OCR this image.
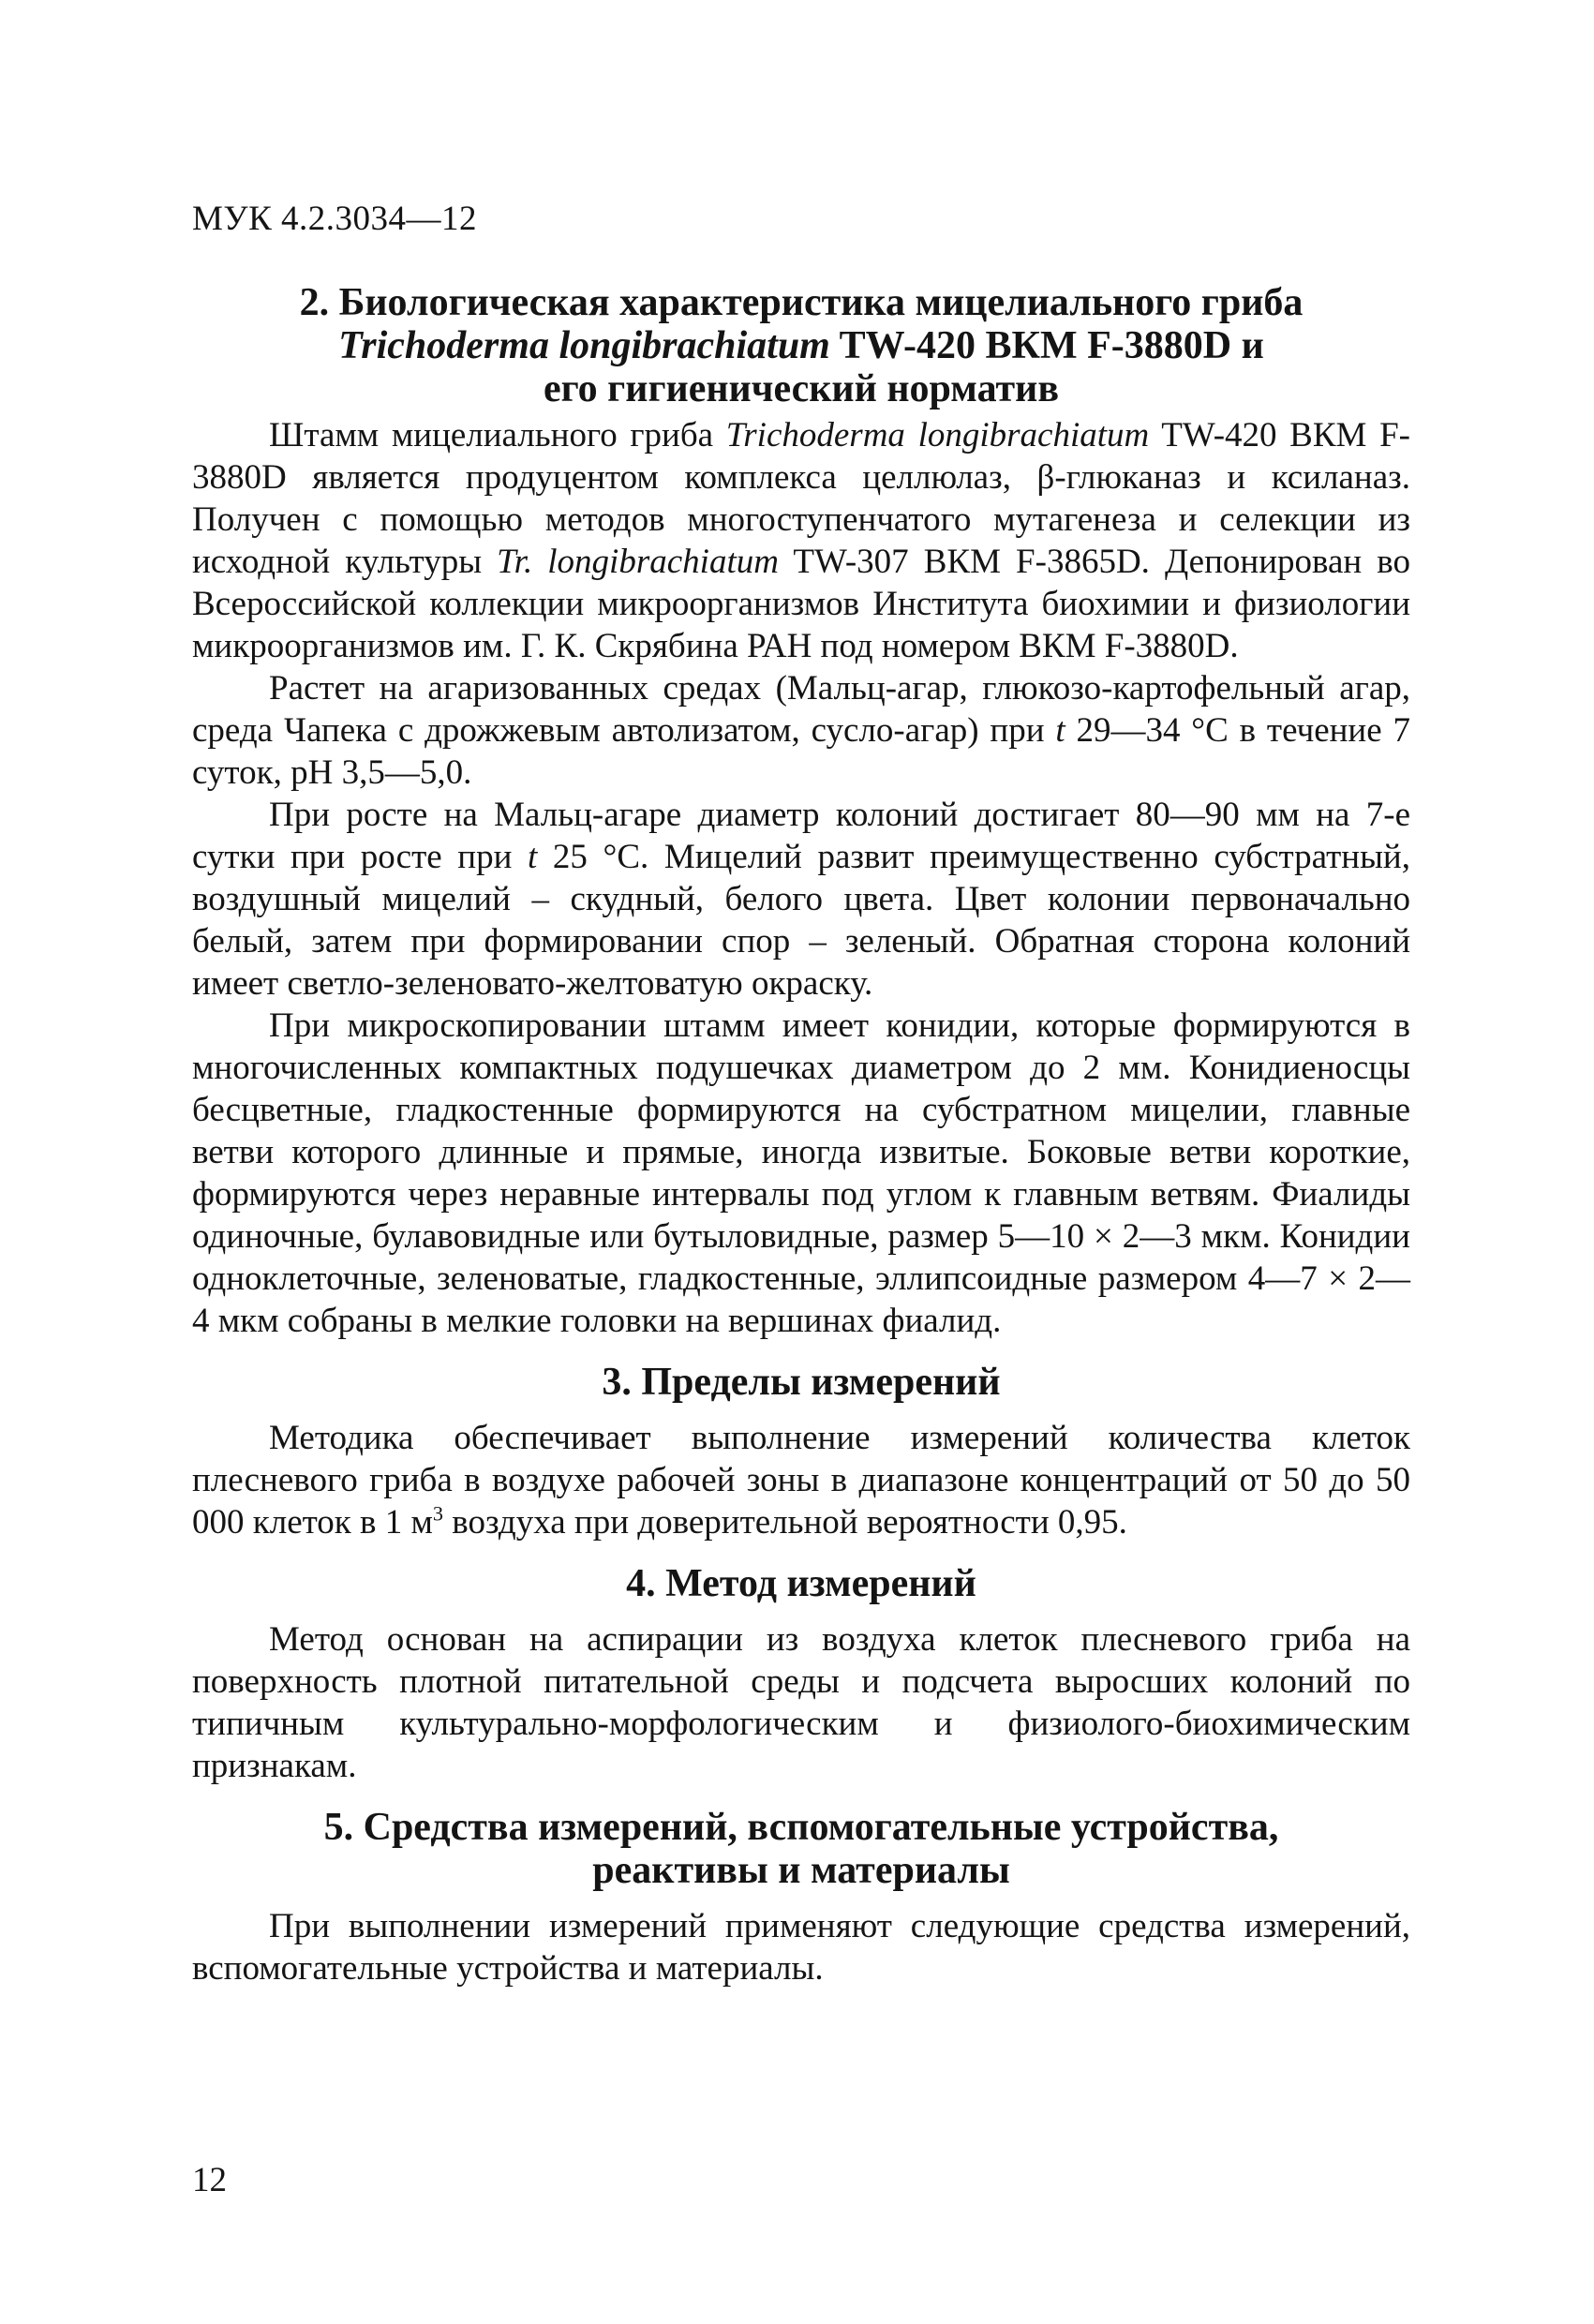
МУК 4.2.3034—12
2. Биологическая характеристика мицелиального гриба
Trichoderma longibrachiatum TW-420 ВКМ F-3880D и
его гигиенический норматив

Штамм мицелиального гриба Trichoderma longibrachiatum TW-420 ВКМ F-3880D является продуцентом комплекса целлюлаз, β-глюканаз и ксиланаз. Получен с помощью методов многоступенчатого мутагенеза и селекции из исходной культуры Tr. longibrachiatum TW-307 ВКМ F-3865D. Депонирован во Всероссийской коллекции микроорганизмов Института биохимии и физиологии микроорганизмов им. Г. К. Скрябина РАН под номером ВКМ F-3880D.

Растет на агаризованных средах (Мальц-агар, глюкозо-картофельный агар, среда Чапека с дрожжевым автолизатом, сусло-агар) при t 29—34 °С в течение 7 суток, рН 3,5—5,0.

При росте на Мальц-агаре диаметр колоний достигает 80—90 мм на 7-е сутки при росте при t 25 °С. Мицелий развит преимущественно субстратный, воздушный мицелий – скудный, белого цвета. Цвет колонии первоначально белый, затем при формировании спор – зеленый. Обратная сторона колоний имеет светло-зеленовато-желтоватую окраску.

При микроскопировании штамм имеет конидии, которые формируются в многочисленных компактных подушечках диаметром до 2 мм. Конидиеносцы бесцветные, гладкостенные формируются на субстратном мицелии, главные ветви которого длинные и прямые, иногда извитые. Боковые ветви короткие, формируются через неравные интервалы под углом к главным ветвям. Фиалиды одиночные, булавовидные или бутыловидные, размер 5—10 × 2—3 мкм. Конидии одноклеточные, зеленоватые, гладкостенные, эллипсоидные размером 4—7 × 2—4 мкм собраны в мелкие головки на вершинах фиалид.

3. Пределы измерений

Методика обеспечивает выполнение измерений количества клеток плесневого гриба в воздухе рабочей зоны в диапазоне концентраций от 50 до 50 000 клеток в 1 $м^3$ воздуха при доверительной вероятности 0,95.

4. Метод измерений

Метод основан на аспирации из воздуха клеток плесневого гриба на поверхность плотной питательной среды и подсчета выросших колоний по типичным культурально-морфологическим и физиолого-биохимическим признакам.

5. Средства измерений, вспомогательные устройства,
реактивы и материалы

При выполнении измерений применяют следующие средства измерений, вспомогательные устройства и материалы.

12
